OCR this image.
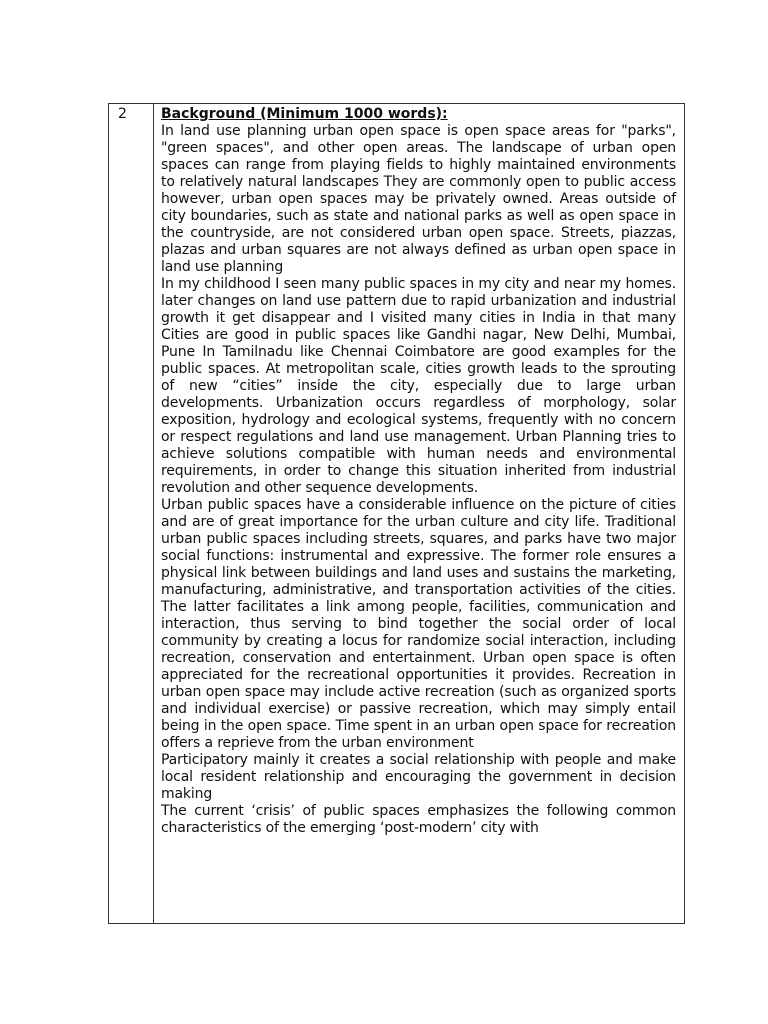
2	Background (Minimum 1000 words):

In land use planning urban open space is open space areas for "parks", "green spaces", and other open areas. The landscape of urban open spaces can range from playing fields to highly maintained environments to relatively natural landscapes They are commonly open to public access however, urban open spaces may be privately owned. Areas outside of city boundaries, such as state and national parks as well as open space in the countryside, are not considered urban open space. Streets, piazzas, plazas and urban squares are not always defined as urban open space in land use planning

In my childhood I seen many public spaces in my city and near my homes. later changes on land use pattern due to rapid urbanization and industrial growth it get disappear and I visited many cities in India in that many Cities are good in public spaces like Gandhi nagar, New Delhi, Mumbai, Pune In Tamilnadu like Chennai Coimbatore are good examples for the public spaces. At metropolitan scale, cities growth leads to the sprouting of new “cities” inside the city, especially due to large urban developments. Urbanization occurs regardless of morphology, solar exposition, hydrology and ecological systems, frequently with no concern or respect regulations and land use management. Urban Planning tries to achieve solutions compatible with human needs and environmental requirements, in order to change this situation inherited from industrial revolution and other sequence developments.

Urban public spaces have a considerable influence on the picture of cities and are of great importance for the urban culture and city life. Traditional urban public spaces including streets, squares, and parks have two major social functions: instrumental and expressive. The former role ensures a physical link between buildings and land uses and sustains the marketing, manufacturing, administrative, and transportation activities of the cities. The latter facilitates a link among people, facilities, communication and interaction, thus serving to bind together the social order of local community by creating a locus for randomize social interaction, including recreation, conservation and entertainment. Urban open space is often appreciated for the recreational opportunities it provides. Recreation in urban open space may include active recreation (such as organized sports and individual exercise) or passive recreation, which may simply entail being in the open space. Time spent in an urban open space for recreation offers a reprieve from the urban environment

Participatory mainly it creates a social relationship with people and make local resident relationship and encouraging the government in decision making

The current ‘crisis’ of public spaces emphasizes the following common characteristics of the emerging ‘post-modern’ city with
